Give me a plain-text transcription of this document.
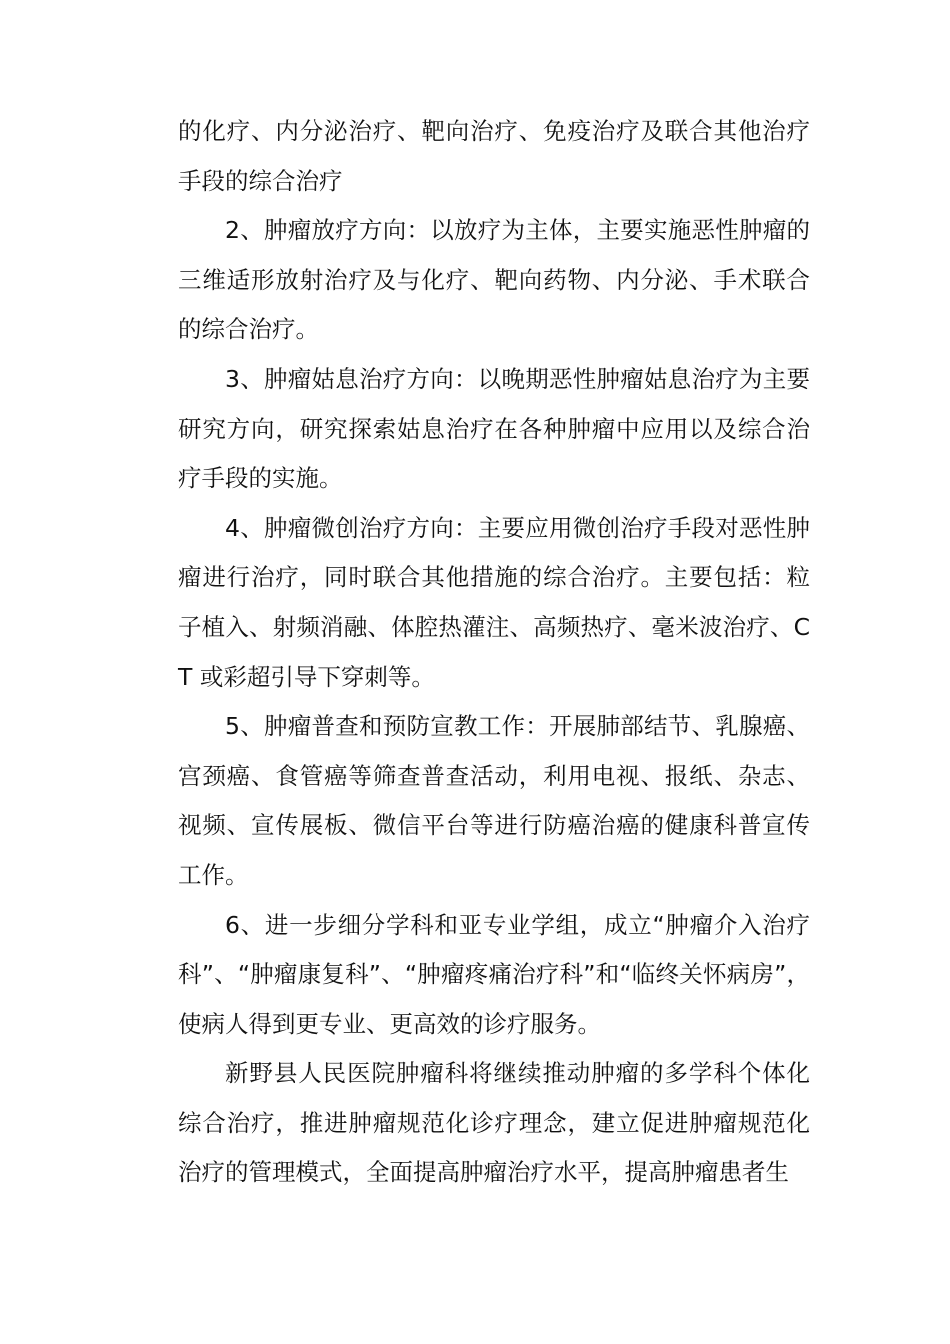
的化疗、内分泌治疗、靶向治疗、免疫治疗及联合其他治疗手段的综合治疗

2、肿瘤放疗方向：以放疗为主体，主要实施恶性肿瘤的三维适形放射治疗及与化疗、靶向药物、内分泌、手术联合的综合治疗。

3、肿瘤姑息治疗方向：以晚期恶性肿瘤姑息治疗为主要研究方向，研究探索姑息治疗在各种肿瘤中应用以及综合治疗手段的实施。

4、肿瘤微创治疗方向：主要应用微创治疗手段对恶性肿瘤进行治疗，同时联合其他措施的综合治疗。主要包括：粒子植入、射频消融、体腔热灌注、高频热疗、毫米波治疗、CT 或彩超引导下穿刺等。

5、肿瘤普查和预防宣教工作：开展肺部结节、乳腺癌、宫颈癌、食管癌等筛查普查活动，利用电视、报纸、杂志、视频、宣传展板、微信平台等进行防癌治癌的健康科普宣传工作。

6、进一步细分学科和亚专业学组，成立“肿瘤介入治疗科”、“肿瘤康复科”、“肿瘤疼痛治疗科”和“临终关怀病房”，使病人得到更专业、更高效的诊疗服务。

新野县人民医院肿瘤科将继续推动肿瘤的多学科个体化综合治疗，推进肿瘤规范化诊疗理念，建立促进肿瘤规范化治疗的管理模式，全面提高肿瘤治疗水平，提高肿瘤患者生
